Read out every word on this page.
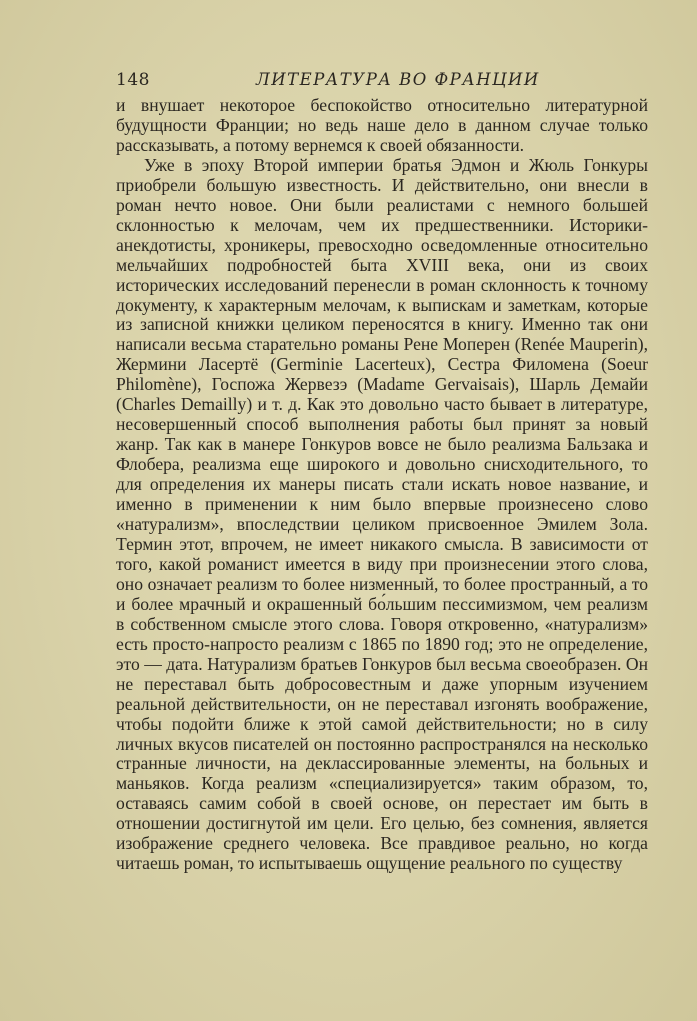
148	ЛИТЕРАТУРА ВО ФРАНЦИИ

и внушает некоторое беспокойство относительно литературной будущности Франции; но ведь наше дело в данном случае только рассказывать, а потому вернемся к своей обязанности.

Уже в эпоху Второй империи братья Эдмон и Жюль Гонкуры приобрели большую известность. И действительно, они внесли в роман нечто новое. Они были реалистами с немного большей склонностью к мелочам, чем их предшественники. Историки-анекдотисты, хроникеры, превосходно осведомленные относительно мельчайших подробностей быта XVIII века, они из своих исторических исследований перенесли в роман склонность к точному документу, к характерным мелочам, к выпискам и заметкам, которые из записной книжки целиком переносятся в книгу. Именно так они написали весьма старательно романы Рене Моперен (Renée Mauperin), Жермини Ласертё (Germinie Lacerteux), Сестра Филомена (Soeur Philomène), Госпожа Жервезэ (Madame Gervaisais), Шарль Демайи (Charles Demailly) и т. д. Как это довольно часто бывает в литературе, несовершенный способ выполнения работы был принят за новый жанр. Так как в манере Гонкуров вовсе не было реализма Бальзака и Флобера, реализма еще широкого и довольно снисходительного, то для определения их манеры писать стали искать новое название, и именно в применении к ним было впервые произнесено слово «натурализм», впоследствии целиком присвоенное Эмилем Зола. Термин этот, впрочем, не имеет никакого смысла. В зависимости от того, какой романист имеется в виду при произнесении этого слова, оно означает реализм то более низменный, то более пространный, а то и более мрачный и окрашенный бо́льшим пессимизмом, чем реализм в собственном смысле этого слова. Говоря откровенно, «натурализм» есть просто-напросто реализм с 1865 по 1890 год; это не определение, это — дата. Натурализм братьев Гонкуров был весьма своеобразен. Он не переставал быть добросовестным и даже упорным изучением реальной действительности, он не переставал изгонять воображение, чтобы подойти ближе к этой самой действительности; но в силу личных вкусов писателей он постоянно распространялся на несколько странные личности, на деклассированные элементы, на больных и маньяков. Когда реализм «специализируется» таким образом, то, оставаясь самим собой в своей основе, он перестает им быть в отношении достигнутой им цели. Его целью, без сомнения, является изображение среднего человека. Все правдивое реально, но когда читаешь роман, то испытываешь ощущение реального по существу
